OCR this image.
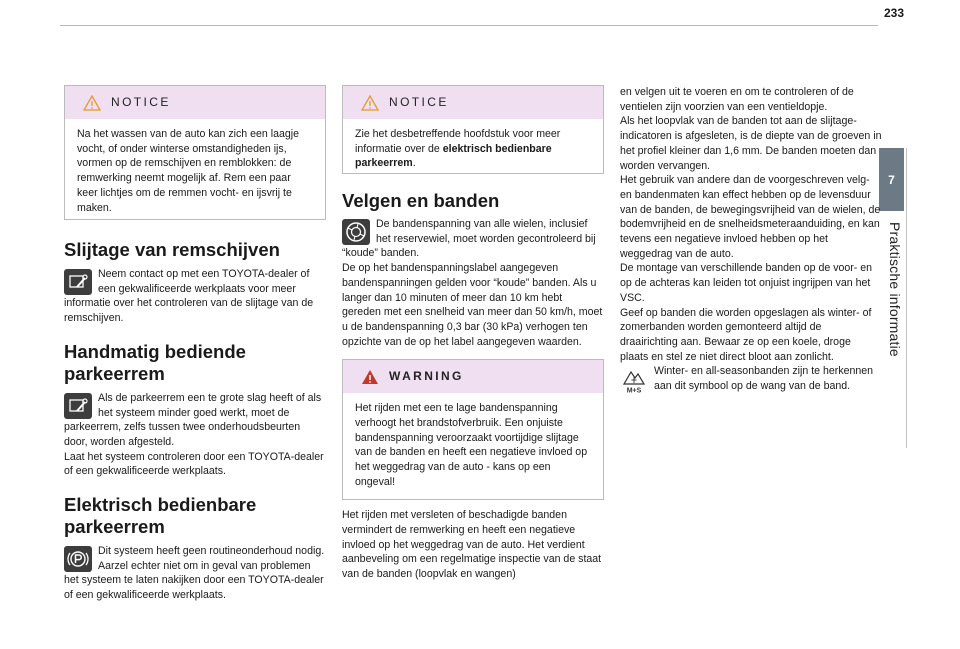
233
7
Praktische informatie
NOTICE

Na het wassen van de auto kan zich een laagje vocht, of onder winterse omstandigheden ijs, vormen op de remschijven en remblokken: de remwerking neemt mogelijk af. Rem een paar keer lichtjes om de remmen vocht- en ijsvrij te maken.

Slijtage van remschijven

Neem contact op met een TOYOTA-dealer of een gekwalificeerde werkplaats voor meer informatie over het controleren van de slijtage van de remschijven.

Handmatig bediende
parkeerrem

Als de parkeerrem een te grote slag heeft of als het systeem minder goed werkt, moet de parkeerrem, zelfs tussen twee onderhoudsbeurten door, worden afgesteld.

Laat het systeem controleren door een TOYOTA-dealer of een gekwalificeerde werkplaats.

Elektrisch bedienbare
parkeerrem

Dit systeem heeft geen routineonderhoud nodig. Aarzel echter niet om in geval van problemen het systeem te laten nakijken door een TOYOTA-dealer of een gekwalificeerde werkplaats.

NOTICE

Zie het desbetreffende hoofdstuk voor meer informatie over de elektrisch bedienbare parkeerrem.

Velgen en banden

De bandenspanning van alle wielen, inclusief het reservewiel, moet worden gecontroleerd bij “koude” banden.

De op het bandenspanningslabel aangegeven bandenspanningen gelden voor “koude” banden. Als u langer dan 10 minuten of meer dan 10 km hebt gereden met een snelheid van meer dan 50 km/h, moet u de bandenspanning 0,3 bar (30 kPa) verhogen ten opzichte van de op het label aangegeven waarden.

WARNING

Het rijden met een te lage bandenspanning verhoogt het brandstofverbruik. Een onjuiste bandenspanning veroorzaakt voortijdige slijtage van de banden en heeft een negatieve invloed op het weggedrag van de auto - kans op een ongeval!

Het rijden met versleten of beschadigde banden vermindert de remwerking en heeft een negatieve invloed op het weggedrag van de auto. Het verdient aanbeveling om een regelmatige inspectie van de staat van de banden (loopvlak en wangen)

en velgen uit te voeren en om te controleren of de ventielen zijn voorzien van een ventieldopje.

Als het loopvlak van de banden tot aan de slijtage-indicatoren is afgesleten, is de diepte van de groeven in het profiel kleiner dan 1,6 mm. De banden moeten dan worden vervangen.

Het gebruik van andere dan de voorgeschreven velg- en bandenmaten kan effect hebben op de levensduur van de banden, de bewegingsvrijheid van de wielen, de bodemvrijheid en de snelheidsmeteraanduiding, en kan tevens een negatieve invloed hebben op het weggedrag van de auto.

De montage van verschillende banden op de voor- en op de achteras kan leiden tot onjuist ingrijpen van het VSC.

Geef op banden die worden opgeslagen als winter- of zomerbanden worden gemonteerd altijd de draairichting aan. Bewaar ze op een koele, droge plaats en stel ze niet direct bloot aan zonlicht.

M+S

Winter- en all-seasonbanden zijn te herkennen aan dit symbool op de wang van de band.
